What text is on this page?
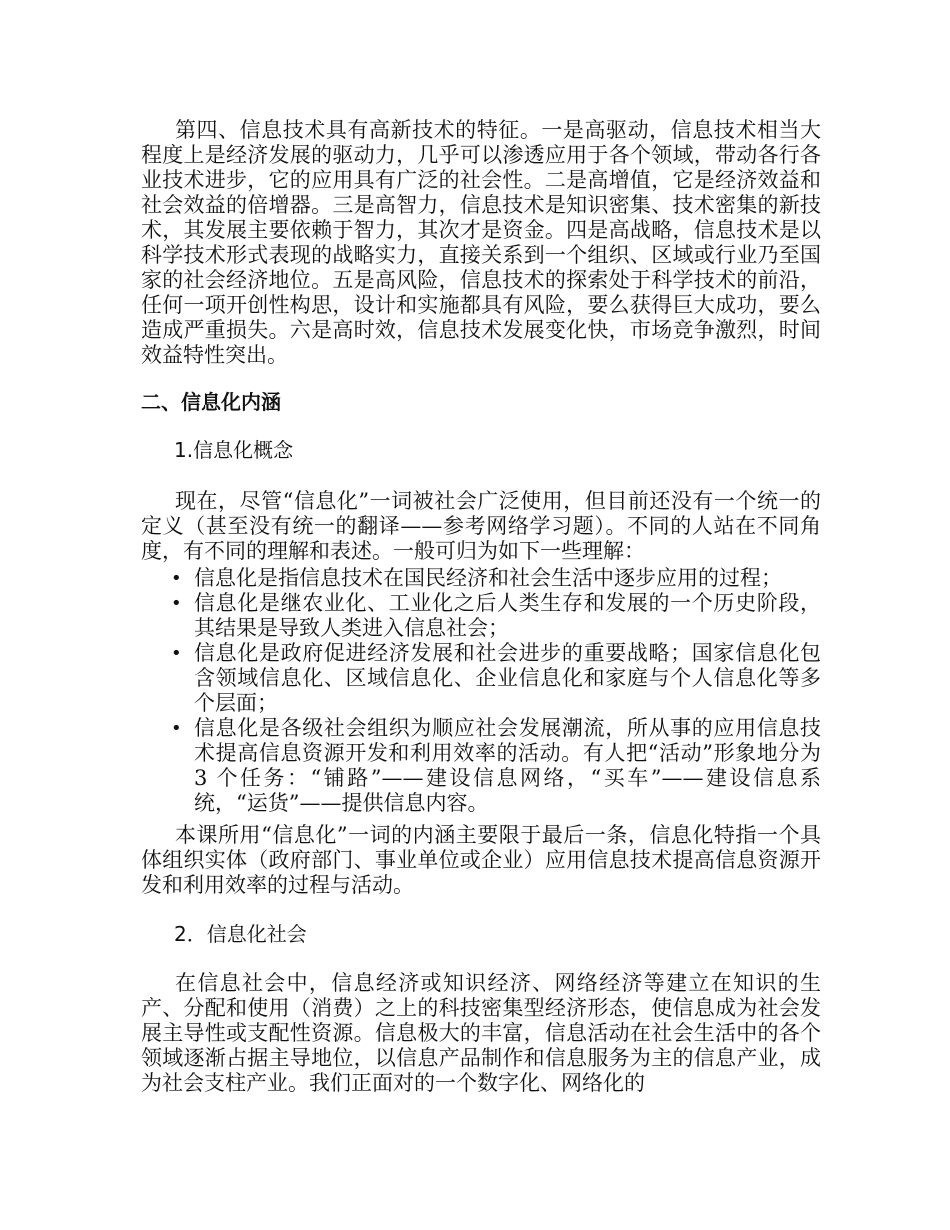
第四、信息技术具有高新技术的特征。一是高驱动，信息技术相当大程度上是经济发展的驱动力，几乎可以渗透应用于各个领域，带动各行各业技术进步，它的应用具有广泛的社会性。二是高增值，它是经济效益和社会效益的倍增器。三是高智力，信息技术是知识密集、技术密集的新技术，其发展主要依赖于智力，其次才是资金。四是高战略，信息技术是以科学技术形式表现的战略实力，直接关系到一个组织、区域或行业乃至国家的社会经济地位。五是高风险，信息技术的探索处于科学技术的前沿，任何一项开创性构思，设计和实施都具有风险，要么获得巨大成功，要么造成严重损失。六是高时效，信息技术发展变化快，市场竞争激烈，时间效益特性突出。

二、信息化内涵
1.信息化概念

现在，尽管“信息化”一词被社会广泛使用，但目前还没有一个统一的定义（甚至没有统一的翻译——参考网络学习题）。不同的人站在不同角度，有不同的理解和表述。一般可归为如下一些理解：

• 信息化是指信息技术在国民经济和社会生活中逐步应用的过程；
• 信息化是继农业化、工业化之后人类生存和发展的一个历史阶段，其结果是导致人类进入信息社会；
• 信息化是政府促进经济发展和社会进步的重要战略；国家信息化包含领域信息化、区域信息化、企业信息化和家庭与个人信息化等多个层面；
• 信息化是各级社会组织为顺应社会发展潮流，所从事的应用信息技术提高信息资源开发和利用效率的活动。有人把“活动”形象地分为 3 个任务：“铺路”——建设信息网络，“买车”——建设信息系统，“运货”——提供信息内容。

本课所用“信息化”一词的内涵主要限于最后一条，信息化特指一个具体组织实体（政府部门、事业单位或企业）应用信息技术提高信息资源开发和利用效率的过程与活动。

2．信息化社会

在信息社会中，信息经济或知识经济、网络经济等建立在知识的生产、分配和使用（消费）之上的科技密集型经济形态，使信息成为社会发展主导性或支配性资源。信息极大的丰富，信息活动在社会生活中的各个领域逐渐占据主导地位，以信息产品制作和信息服务为主的信息产业，成为社会支柱产业。我们正面对的一个数字化、网络化的
